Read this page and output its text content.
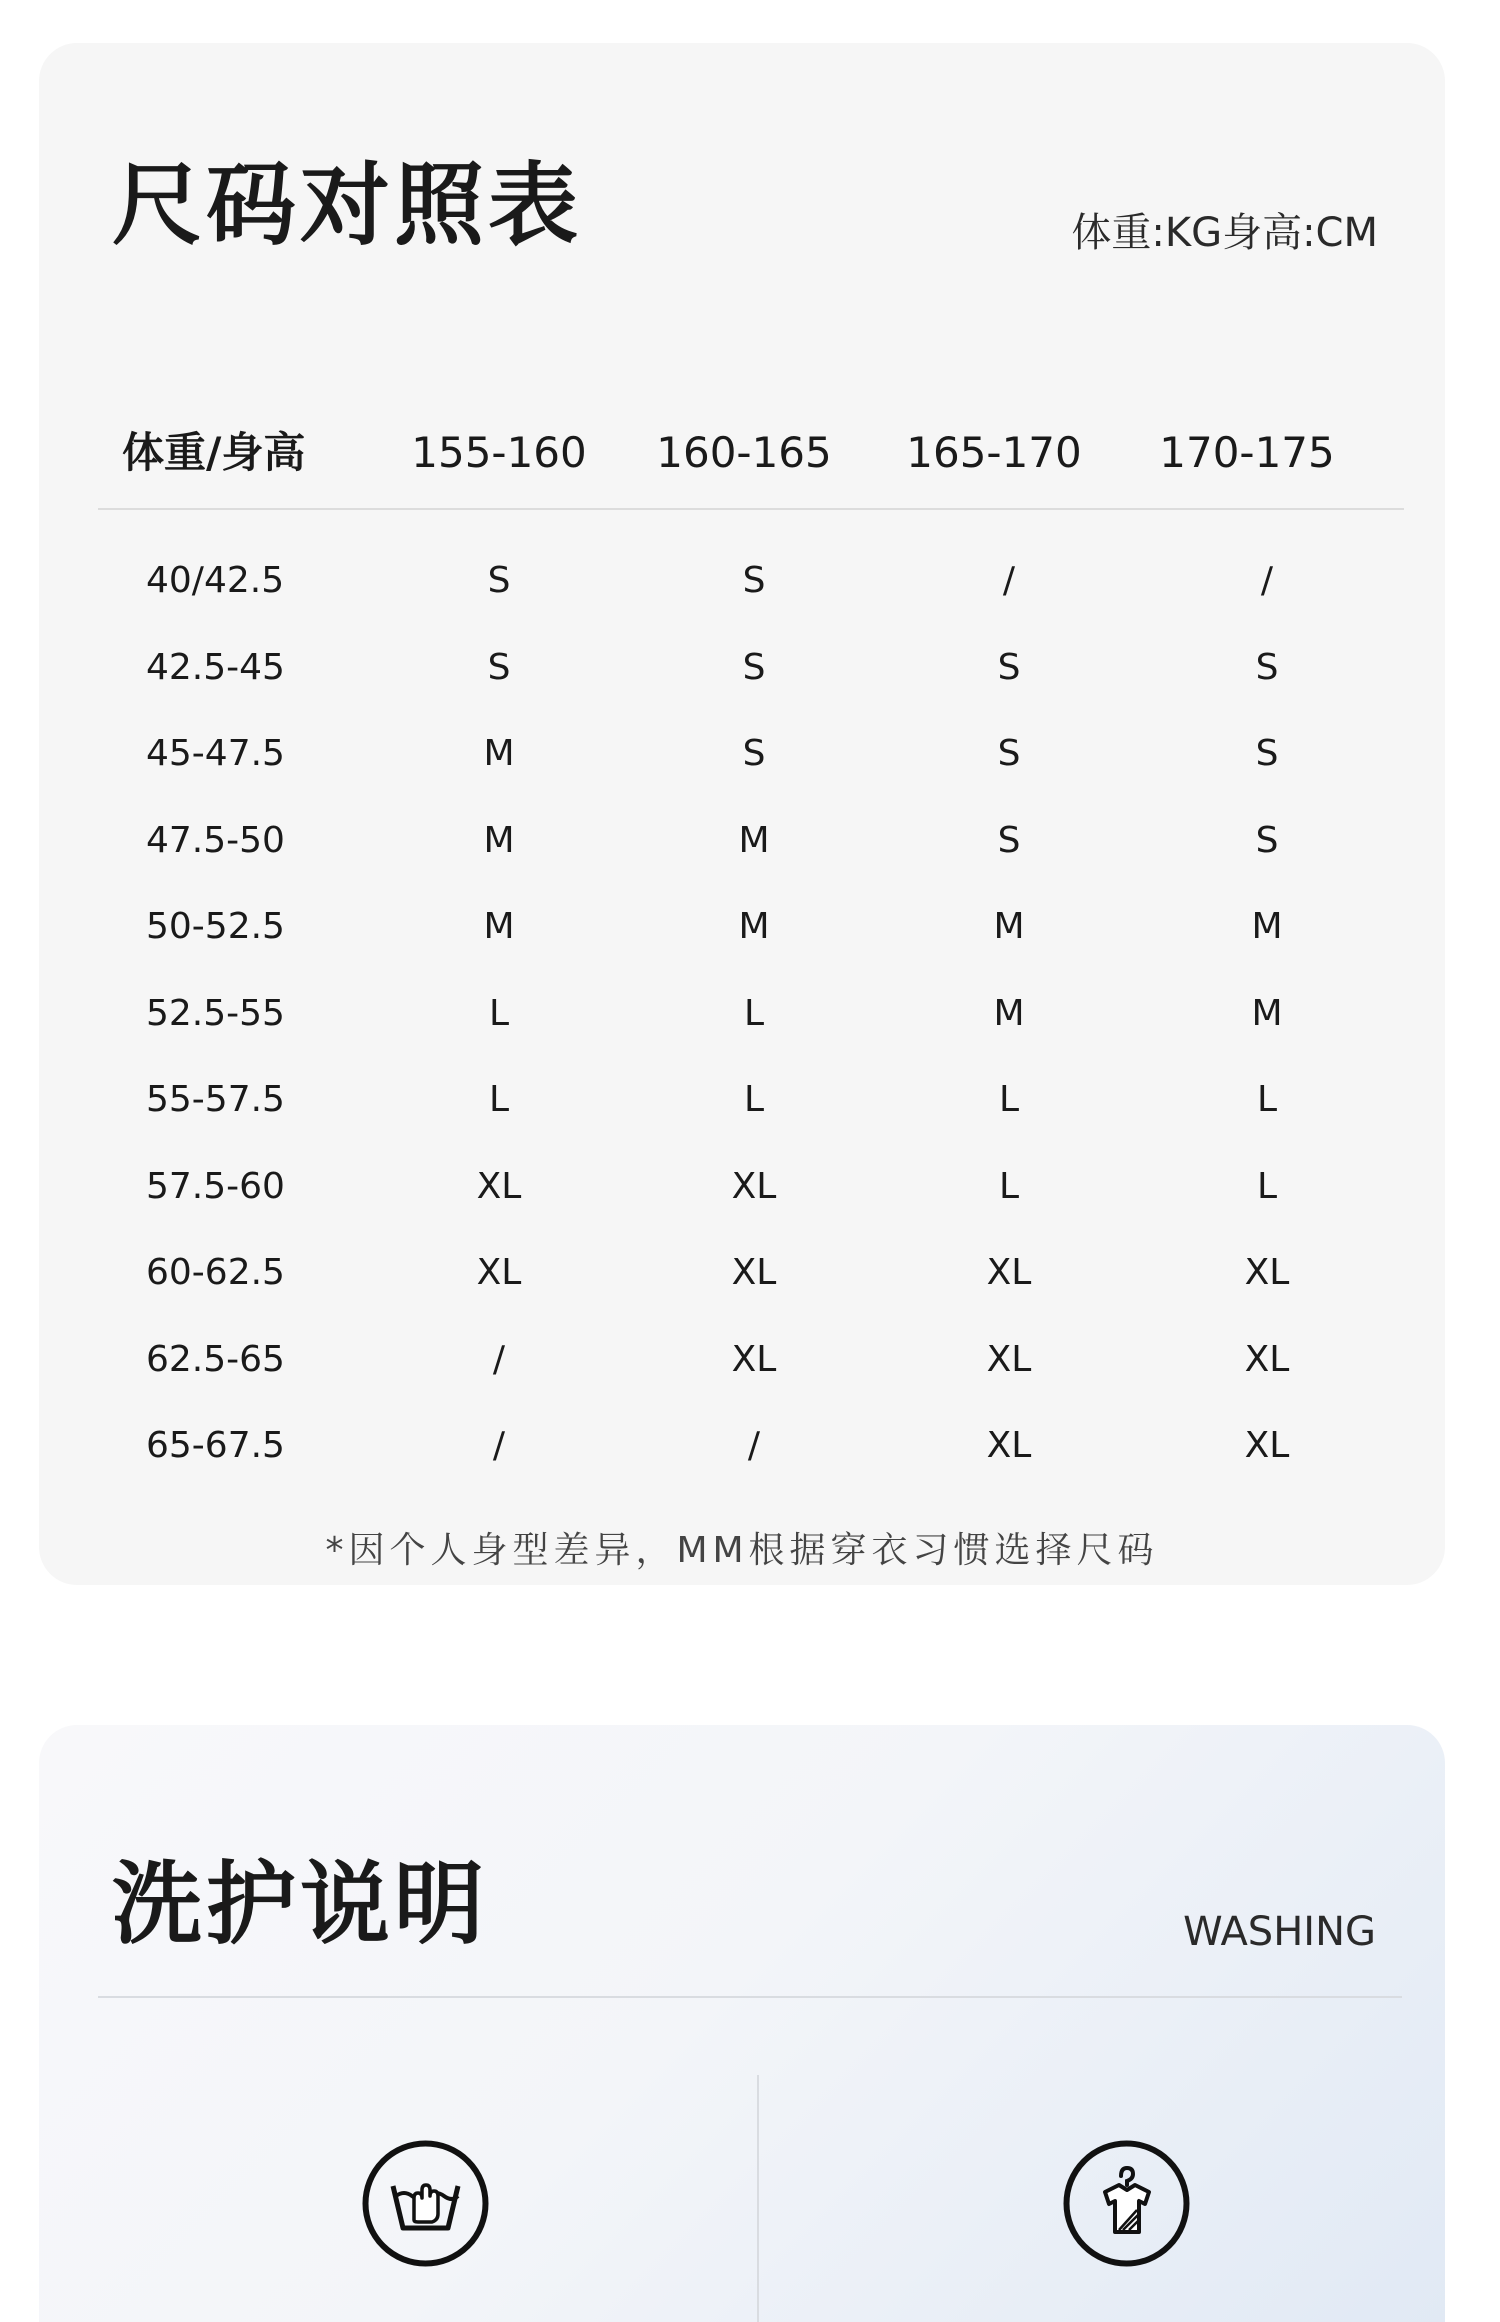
尺码对照表	体重:KG身高:CM
体重/身高	155-160	160-165	165-170	170-175
40/42.5	S	S	/	/
42.5-45	S	S	S	S
45-47.5	M	S	S	S
47.5-50	M	M	S	S
50-52.5	M	M	M	M
52.5-55	L	L	M	M
55-57.5	L	L	L	L
57.5-60	XL	XL	L	L
60-62.5	XL	XL	XL	XL
62.5-65	/	XL	XL	XL
65-67.5	/	/	XL	XL
*因个人身型差异，MM根据穿衣习惯选择尺码
洗护说明	WASHING
